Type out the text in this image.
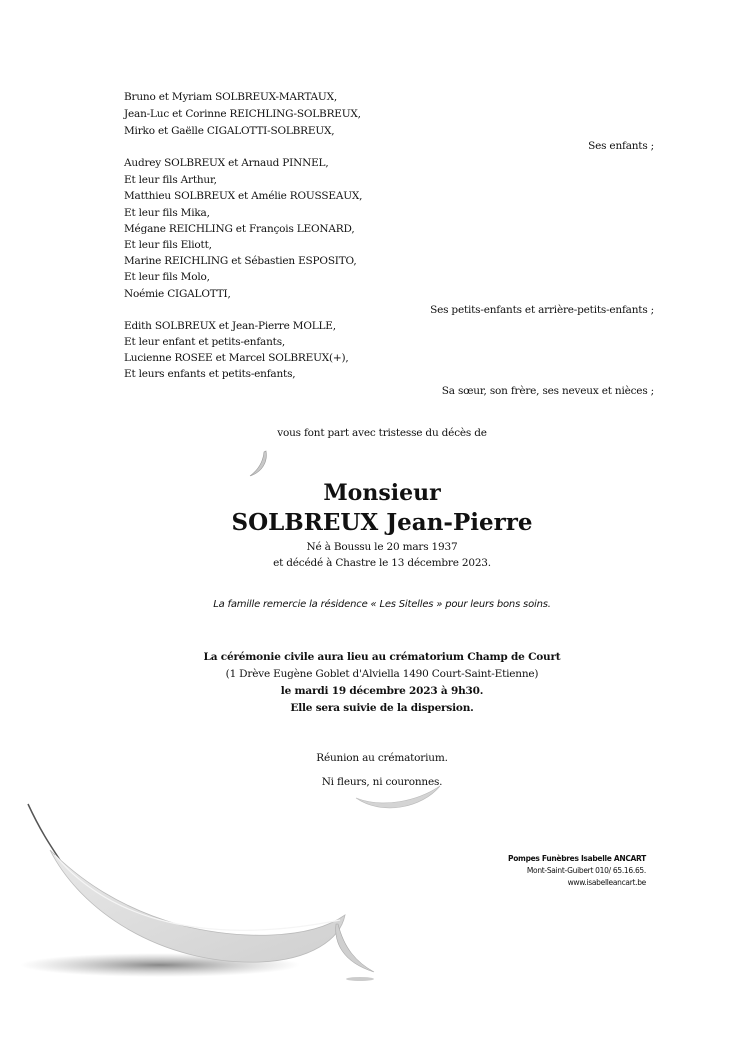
Bruno et Myriam SOLBREUX-MARTAUX,
Jean-Luc et Corinne REICHLING-SOLBREUX,
Mirko et Gaëlle CIGALOTTI-SOLBREUX,
Ses enfants ;
Audrey SOLBREUX et Arnaud PINNEL,
Et leur fils Arthur,
Matthieu SOLBREUX et Amélie ROUSSEAUX,
Et leur fils Mika,
Mégane REICHLING et François LEONARD,
Et leur fils Eliott,
Marine REICHLING et Sébastien ESPOSITO,
Et leur fils Molo,
Noémie CIGALOTTI,
Ses petits-enfants et arrière-petits-enfants ;
Edith SOLBREUX et Jean-Pierre MOLLE,
Et leur enfant et petits-enfants,
Lucienne ROSEE et Marcel SOLBREUX(+),
Et leurs enfants et petits-enfants,
Sa sœur, son frère, ses neveux et nièces ;
vous font part avec tristesse du décès de
Monsieur
SOLBREUX Jean-Pierre
Né à Boussu le 20 mars 1937
et décédé à Chastre le 13 décembre 2023.
La famille remercie la résidence « Les Sitelles » pour leurs bons soins.
La cérémonie civile aura lieu au crématorium Champ de Court
(1 Drève Eugène Goblet d'Alviella 1490 Court-Saint-Etienne)
le mardi 19 décembre 2023 à 9h30.
Elle sera suivie de la dispersion.
Réunion au crématorium.
Ni fleurs, ni couronnes.
Pompes Funèbres Isabelle ANCART
Mont-Saint-Guibert 010/ 65.16.65.
www.isabelleancart.be
